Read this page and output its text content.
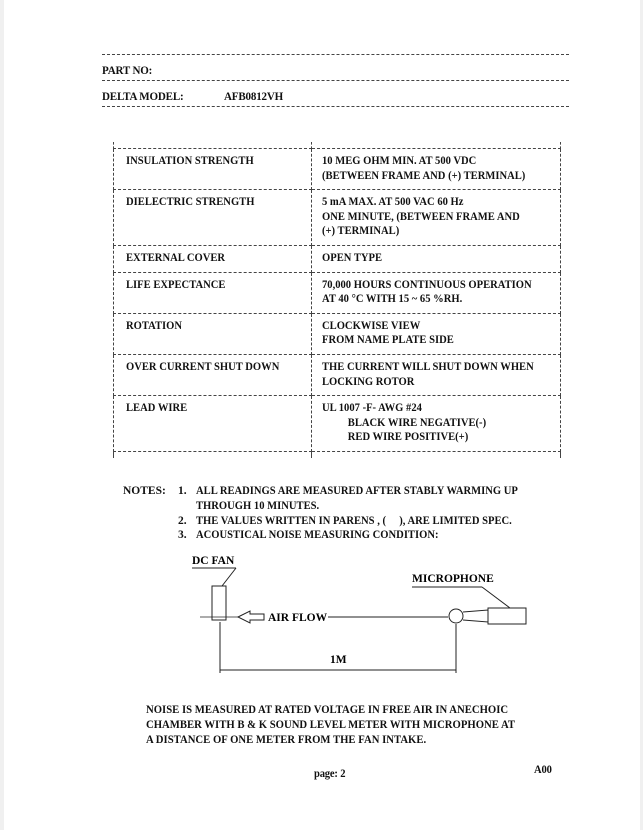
PART NO:
DELTA MODEL:	AFB0812VH

INSULATION STRENGTH	10 MEG OHM MIN. AT 500 VDC
(BETWEEN FRAME AND (+) TERMINAL)

DIELECTRIC STRENGTH	5 mA MAX. AT 500 VAC 60 Hz
ONE MINUTE, (BETWEEN FRAME AND
(+) TERMINAL)

EXTERNAL COVER	OPEN TYPE

LIFE EXPECTANCE	70,000 HOURS CONTINUOUS OPERATION
AT 40 °C WITH 15 ~ 65 %RH.

ROTATION	CLOCKWISE VIEW
FROM NAME PLATE SIDE

OVER CURRENT SHUT DOWN	THE CURRENT WILL SHUT DOWN WHEN
LOCKING ROTOR

LEAD WIRE	UL 1007 -F- AWG #24
BLACK WIRE NEGATIVE(-)
RED WIRE POSITIVE(+)

NOTES:	1. ALL READINGS ARE MEASURED AFTER STABLY WARMING UP
THROUGH 10 MINUTES.
2. THE VALUES WRITTEN IN PARENS , (     ), ARE LIMITED SPEC.
3. ACOUSTICAL NOISE MEASURING CONDITION:
DC FAN
AIR FLOW
MICROPHONE
1M
NOISE IS MEASURED AT RATED VOLTAGE IN FREE AIR IN ANECHOIC
CHAMBER WITH B & K SOUND LEVEL METER WITH MICROPHONE AT
A DISTANCE OF ONE METER FROM THE FAN INTAKE.
page: 2	A00
